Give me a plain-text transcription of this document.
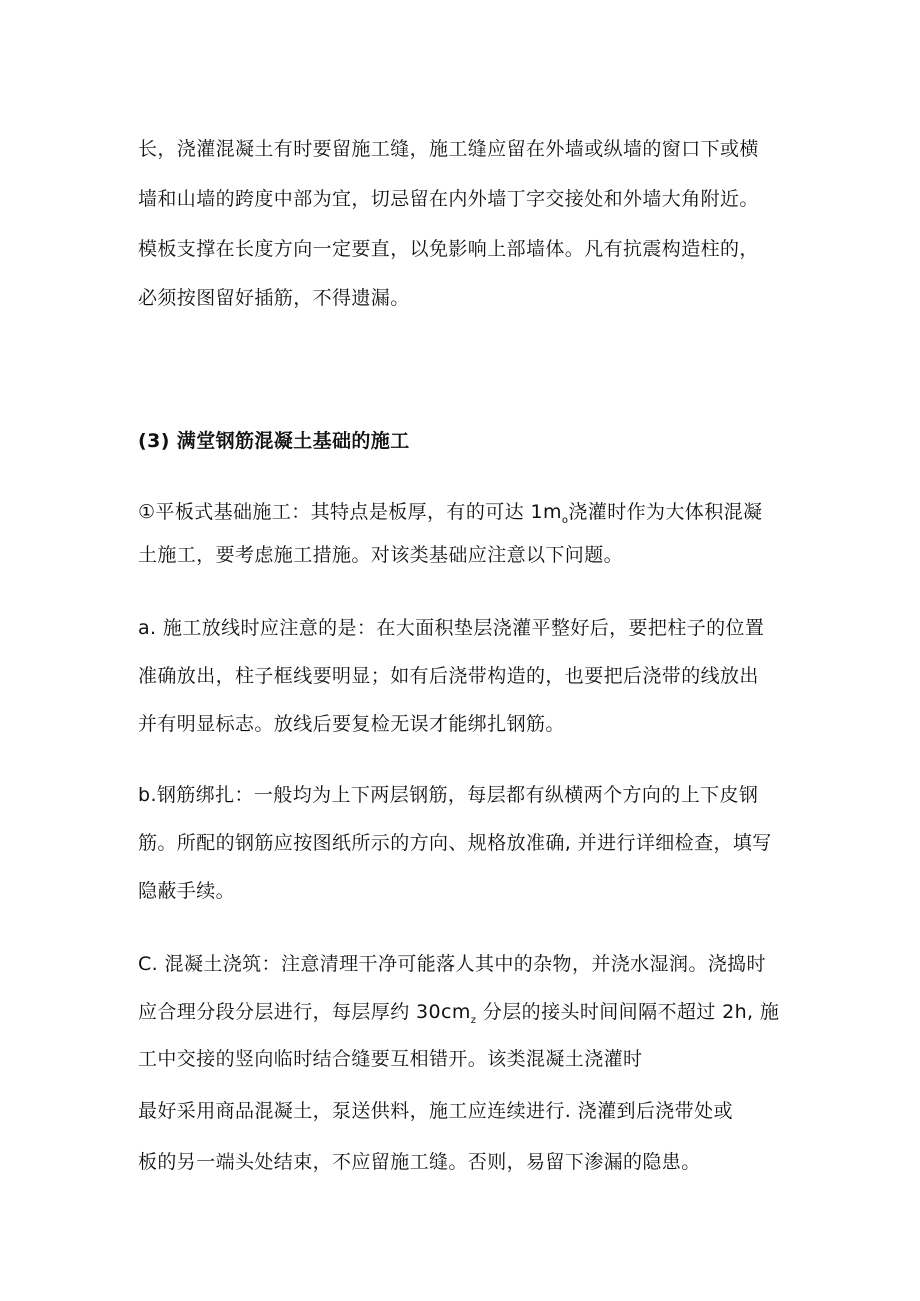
长，浇灌混凝土有时要留施工缝，施工缝应留在外墙或纵墙的窗口下或横

墙和山墙的跨度中部为宜，切忌留在内外墙丁字交接处和外墙大角附近。

模板支撑在长度方向一定要直，以免影响上部墙体。凡有抗震构造柱的，

必须按图留好插筋，不得遗漏。

(3) 满堂钢筋混凝土基础的施工

①平板式基础施工：其特点是板厚，有的可达 $1m_o$浇灌时作为大体积混凝

土施工，要考虑施工措施。对该类基础应注意以下问题。

a. 施工放线时应注意的是：在大面积垫层浇灌平整好后，要把柱子的位置

准确放出，柱子框线要明显；如有后浇带构造的，也要把后浇带的线放出

并有明显标志。放线后要复检无误才能绑扎钢筋。

b.钢筋绑扎：一般均为上下两层钢筋，每层都有纵横两个方向的上下皮钢

筋。所配的钢筋应按图纸所示的方向、规格放准确, 并进行详细检查，填写

隐蔽手续。

C. 混凝土浇筑：注意清理干净可能落人其中的杂物，并浇水湿润。浇捣时

应合理分段分层进行，每层厚约 $30cm_z$ 分层的接头时间间隔不超过 2h, 施

工中交接的竖向临时结合缝要互相错开。该类混凝土浇灌时

最好采用商品混凝土，泵送供料，施工应连续进行. 浇灌到后浇带处或

板的另一端头处结束，不应留施工缝。否则，易留下渗漏的隐患。
